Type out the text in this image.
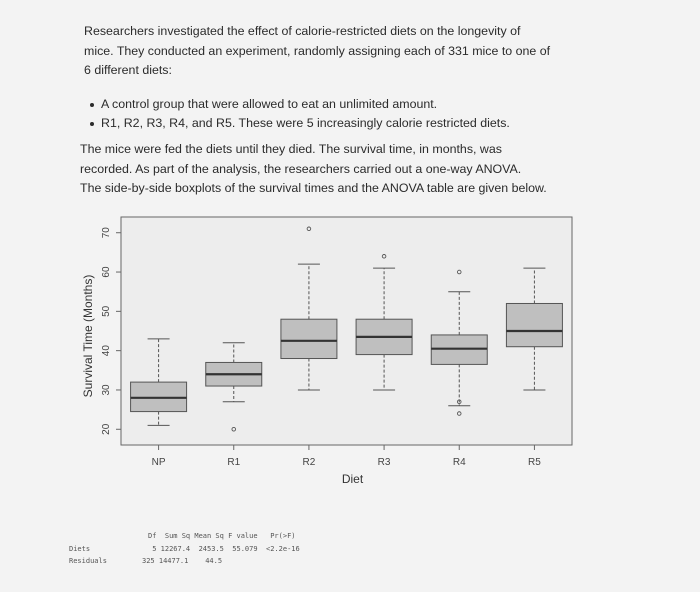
Researchers investigated the effect of calorie-restricted diets on the longevity of

mice. They conducted an experiment, randomly assigning each of 331 mice to one of

6 different diets:

A control group that were allowed to eat an unlimited amount.
R1, R2, R3, R4, and R5. These were 5 increasingly calorie restricted diets.

The mice were fed the diets until they died. The survival time, in months, was

recorded. As part of the analysis, the researchers carried out a one-way ANOVA.

The side-by-side boxplots of the survival times and the ANOVA table are given below.

20
30
40
50
60
70
Survival Time (Months)
NP	R1	R2	R3	R4	R5
Diet
Df  Sum Sq Mean Sq F value   Pr(>F)
Diets	5 12267.4  2453.5  55.079  <2.2e-16
Residuals	325 14477.1    44.5
